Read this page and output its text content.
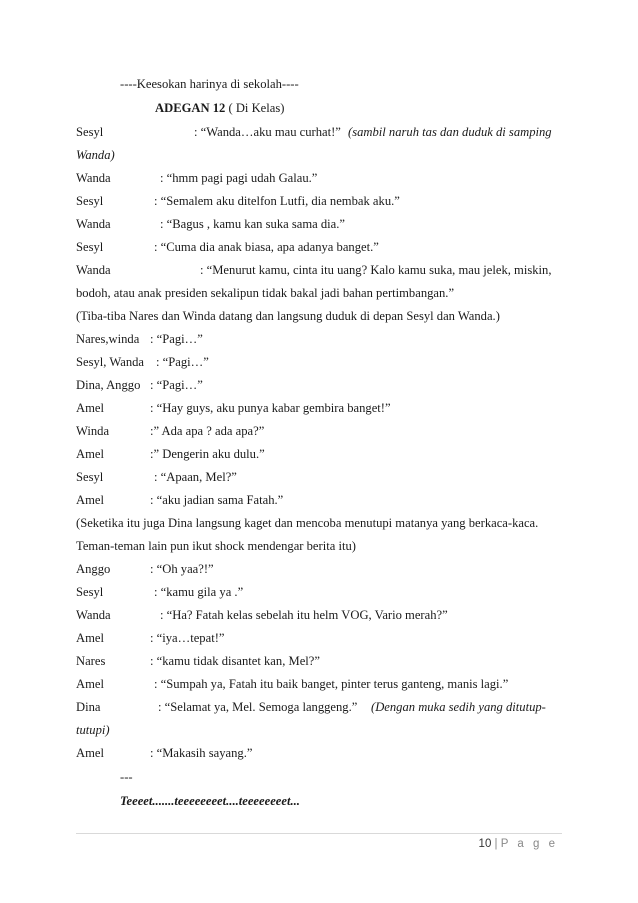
----Keesokan harinya di sekolah----
ADEGAN 12 ( Di Kelas)
Sesyl	: “Wanda…aku mau curhat!” (sambil naruh tas dan duduk di samping
Wanda)
Wanda	: “hmm pagi pagi udah Galau.”
Sesyl	: “Semalem aku ditelfon Lutfi, dia nembak aku.”
Wanda	: “Bagus , kamu kan suka sama dia.”
Sesyl	: “Cuma dia anak biasa, apa adanya banget.”
Wanda	: “Menurut kamu, cinta itu uang? Kalo kamu suka, mau jelek, miskin,
bodoh, atau anak presiden sekalipun tidak bakal jadi bahan pertimbangan.”
(Tiba-tiba Nares dan Winda datang dan langsung duduk di depan Sesyl dan Wanda.)
Nares,winda : “Pagi…”
Sesyl, Wanda : “Pagi…”
Dina, Anggo : “Pagi…”
Amel	: “Hay guys, aku punya kabar gembira banget!”
Winda	:” Ada apa ? ada apa?”
Amel	:” Dengerin aku dulu.”
Sesyl	: “Apaan, Mel?”
Amel	: “aku jadian sama Fatah.”
(Seketika itu juga Dina langsung kaget dan mencoba menutupi matanya yang berkaca-kaca.
Teman-teman lain pun ikut shock mendengar berita itu)
Anggo	: “Oh yaa?!”
Sesyl	: “kamu gila ya .”
Wanda	: “Ha? Fatah kelas sebelah itu helm VOG, Vario merah?”
Amel	: “iya…tepat!”
Nares	: “kamu tidak disantet kan, Mel?”
Amel	: “Sumpah ya, Fatah itu baik banget, pinter terus ganteng, manis lagi.”
Dina	: “Selamat ya, Mel. Semoga langgeng.” (Dengan muka sedih yang ditutup-
tutupi)
Amel	: “Makasih sayang.”
---
Teeeet.......teeeeeeeet....teeeeeeeet...
10 | P a g e
